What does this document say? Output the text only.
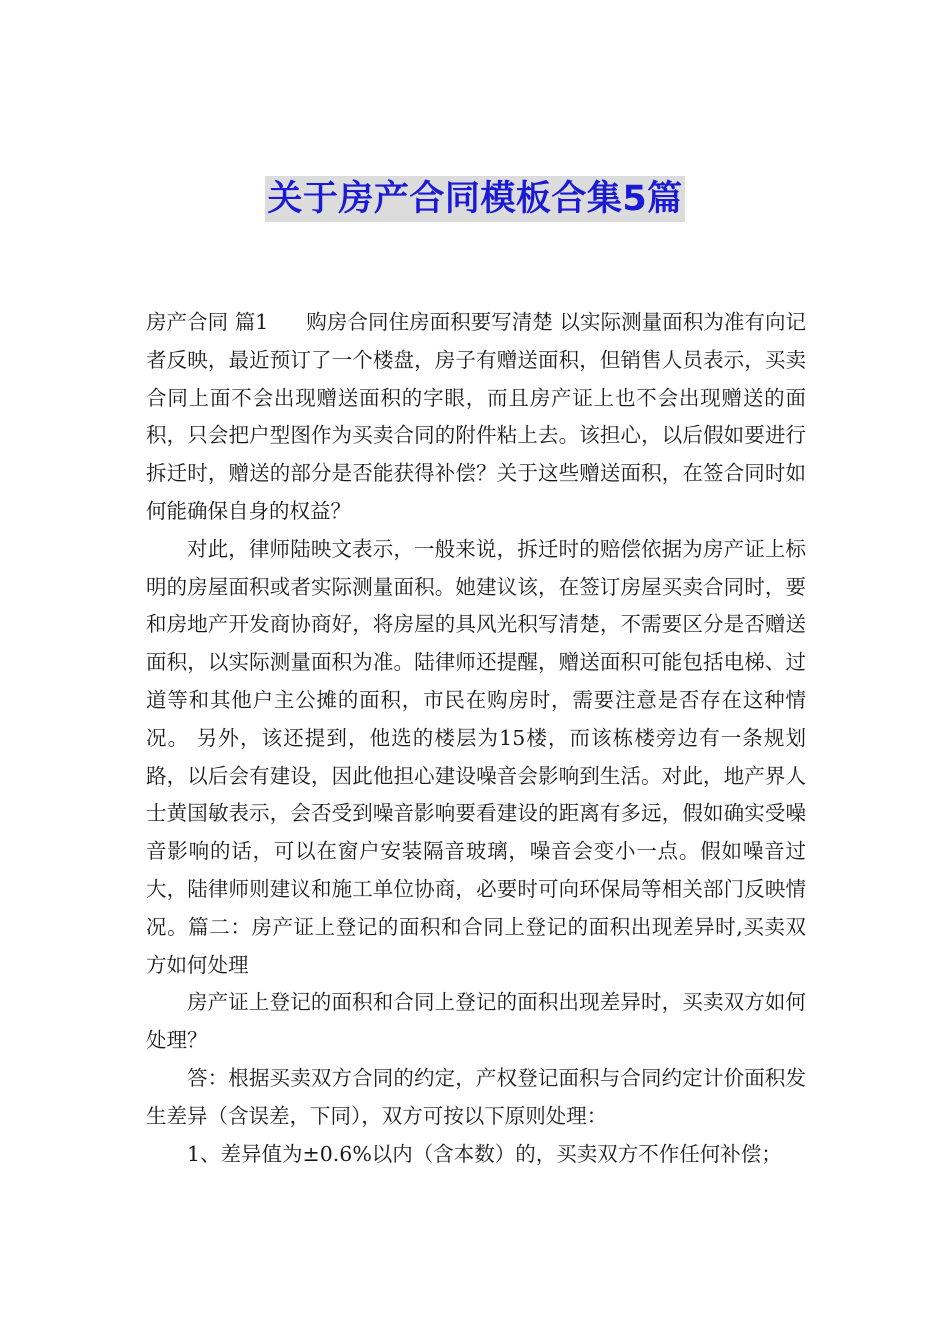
关于房产合同模板合集5篇

房产合同 篇1 购房合同住房面积要写清楚 以实际测量面积为准有向记者反映，最近预订了一个楼盘，房子有赠送面积，但销售人员表示，买卖合同上面不会出现赠送面积的字眼，而且房产证上也不会出现赠送的面积，只会把户型图作为买卖合同的附件粘上去。该担心，以后假如要进行拆迁时，赠送的部分是否能获得补偿？关于这些赠送面积，在签合同时如何能确保自身的权益？

对此，律师陆映文表示，一般来说，拆迁时的赔偿依据为房产证上标明的房屋面积或者实际测量面积。她建议该，在签订房屋买卖合同时，要和房地产开发商协商好，将房屋的具风光积写清楚，不需要区分是否赠送面积，以实际测量面积为准。陆律师还提醒，赠送面积可能包括电梯、过道等和其他户主公摊的面积，市民在购房时，需要注意是否存在这种情况。 另外，该还提到，他选的楼层为15楼，而该栋楼旁边有一条规划路，以后会有建设，因此他担心建设噪音会影响到生活。对此，地产界人士黄国敏表示，会否受到噪音影响要看建设的距离有多远，假如确实受噪音影响的话，可以在窗户安装隔音玻璃，噪音会变小一点。假如噪音过大，陆律师则建议和施工单位协商，必要时可向环保局等相关部门反映情况。篇二：房产证上登记的面积和合同上登记的面积出现差异时,买卖双方如何处理

房产证上登记的面积和合同上登记的面积出现差异时，买卖双方如何处理？

答：根据买卖双方合同的约定，产权登记面积与合同约定计价面积发生差异（含误差，下同），双方可按以下原则处理：

1、差异值为±0.6%以内（含本数）的，买卖双方不作任何补偿；
